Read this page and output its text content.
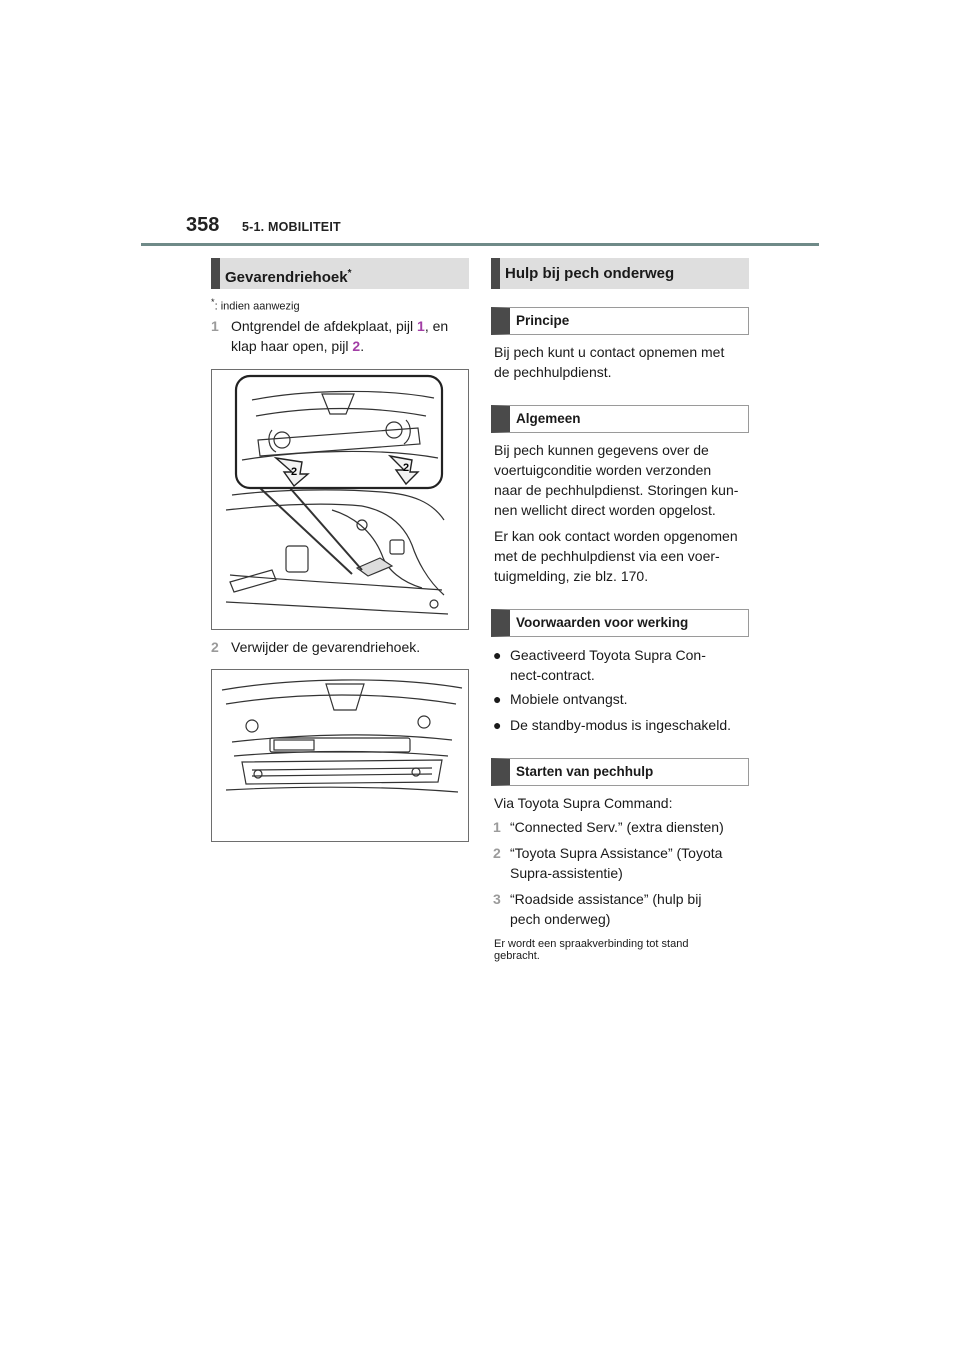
358 5-1. MOBILITEIT
Gevarendriehoek*
*: indien aanwezig
1 Ontgrendel de afdekplaat, pijl 1, en
klap haar open, pijl 2.
2	2
2 Verwijder de gevarendriehoek.
Hulp bij pech onderweg
Principe
Bij pech kunt u contact opnemen met
de pechhulpdienst.
Algemeen
Bij pech kunnen gegevens over de
voertuigconditie worden verzonden
naar de pechhulpdienst. Storingen kun-
nen wellicht direct worden opgelost.
Er kan ook contact worden opgenomen
met de pechhulpdienst via een voer-
tuigmelding, zie blz. 170.
Voorwaarden voor werking
● Geactiveerd Toyota Supra Con-
nect-contract.
● Mobiele ontvangst.
● De standby-modus is ingeschakeld.
Starten van pechhulp
Via Toyota Supra Command:
1 “Connected Serv.” (extra diensten)
2 “Toyota Supra Assistance” (Toyota
Supra-assistentie)
3 “Roadside assistance” (hulp bij
pech onderweg)
Er wordt een spraakverbinding tot stand
gebracht.
